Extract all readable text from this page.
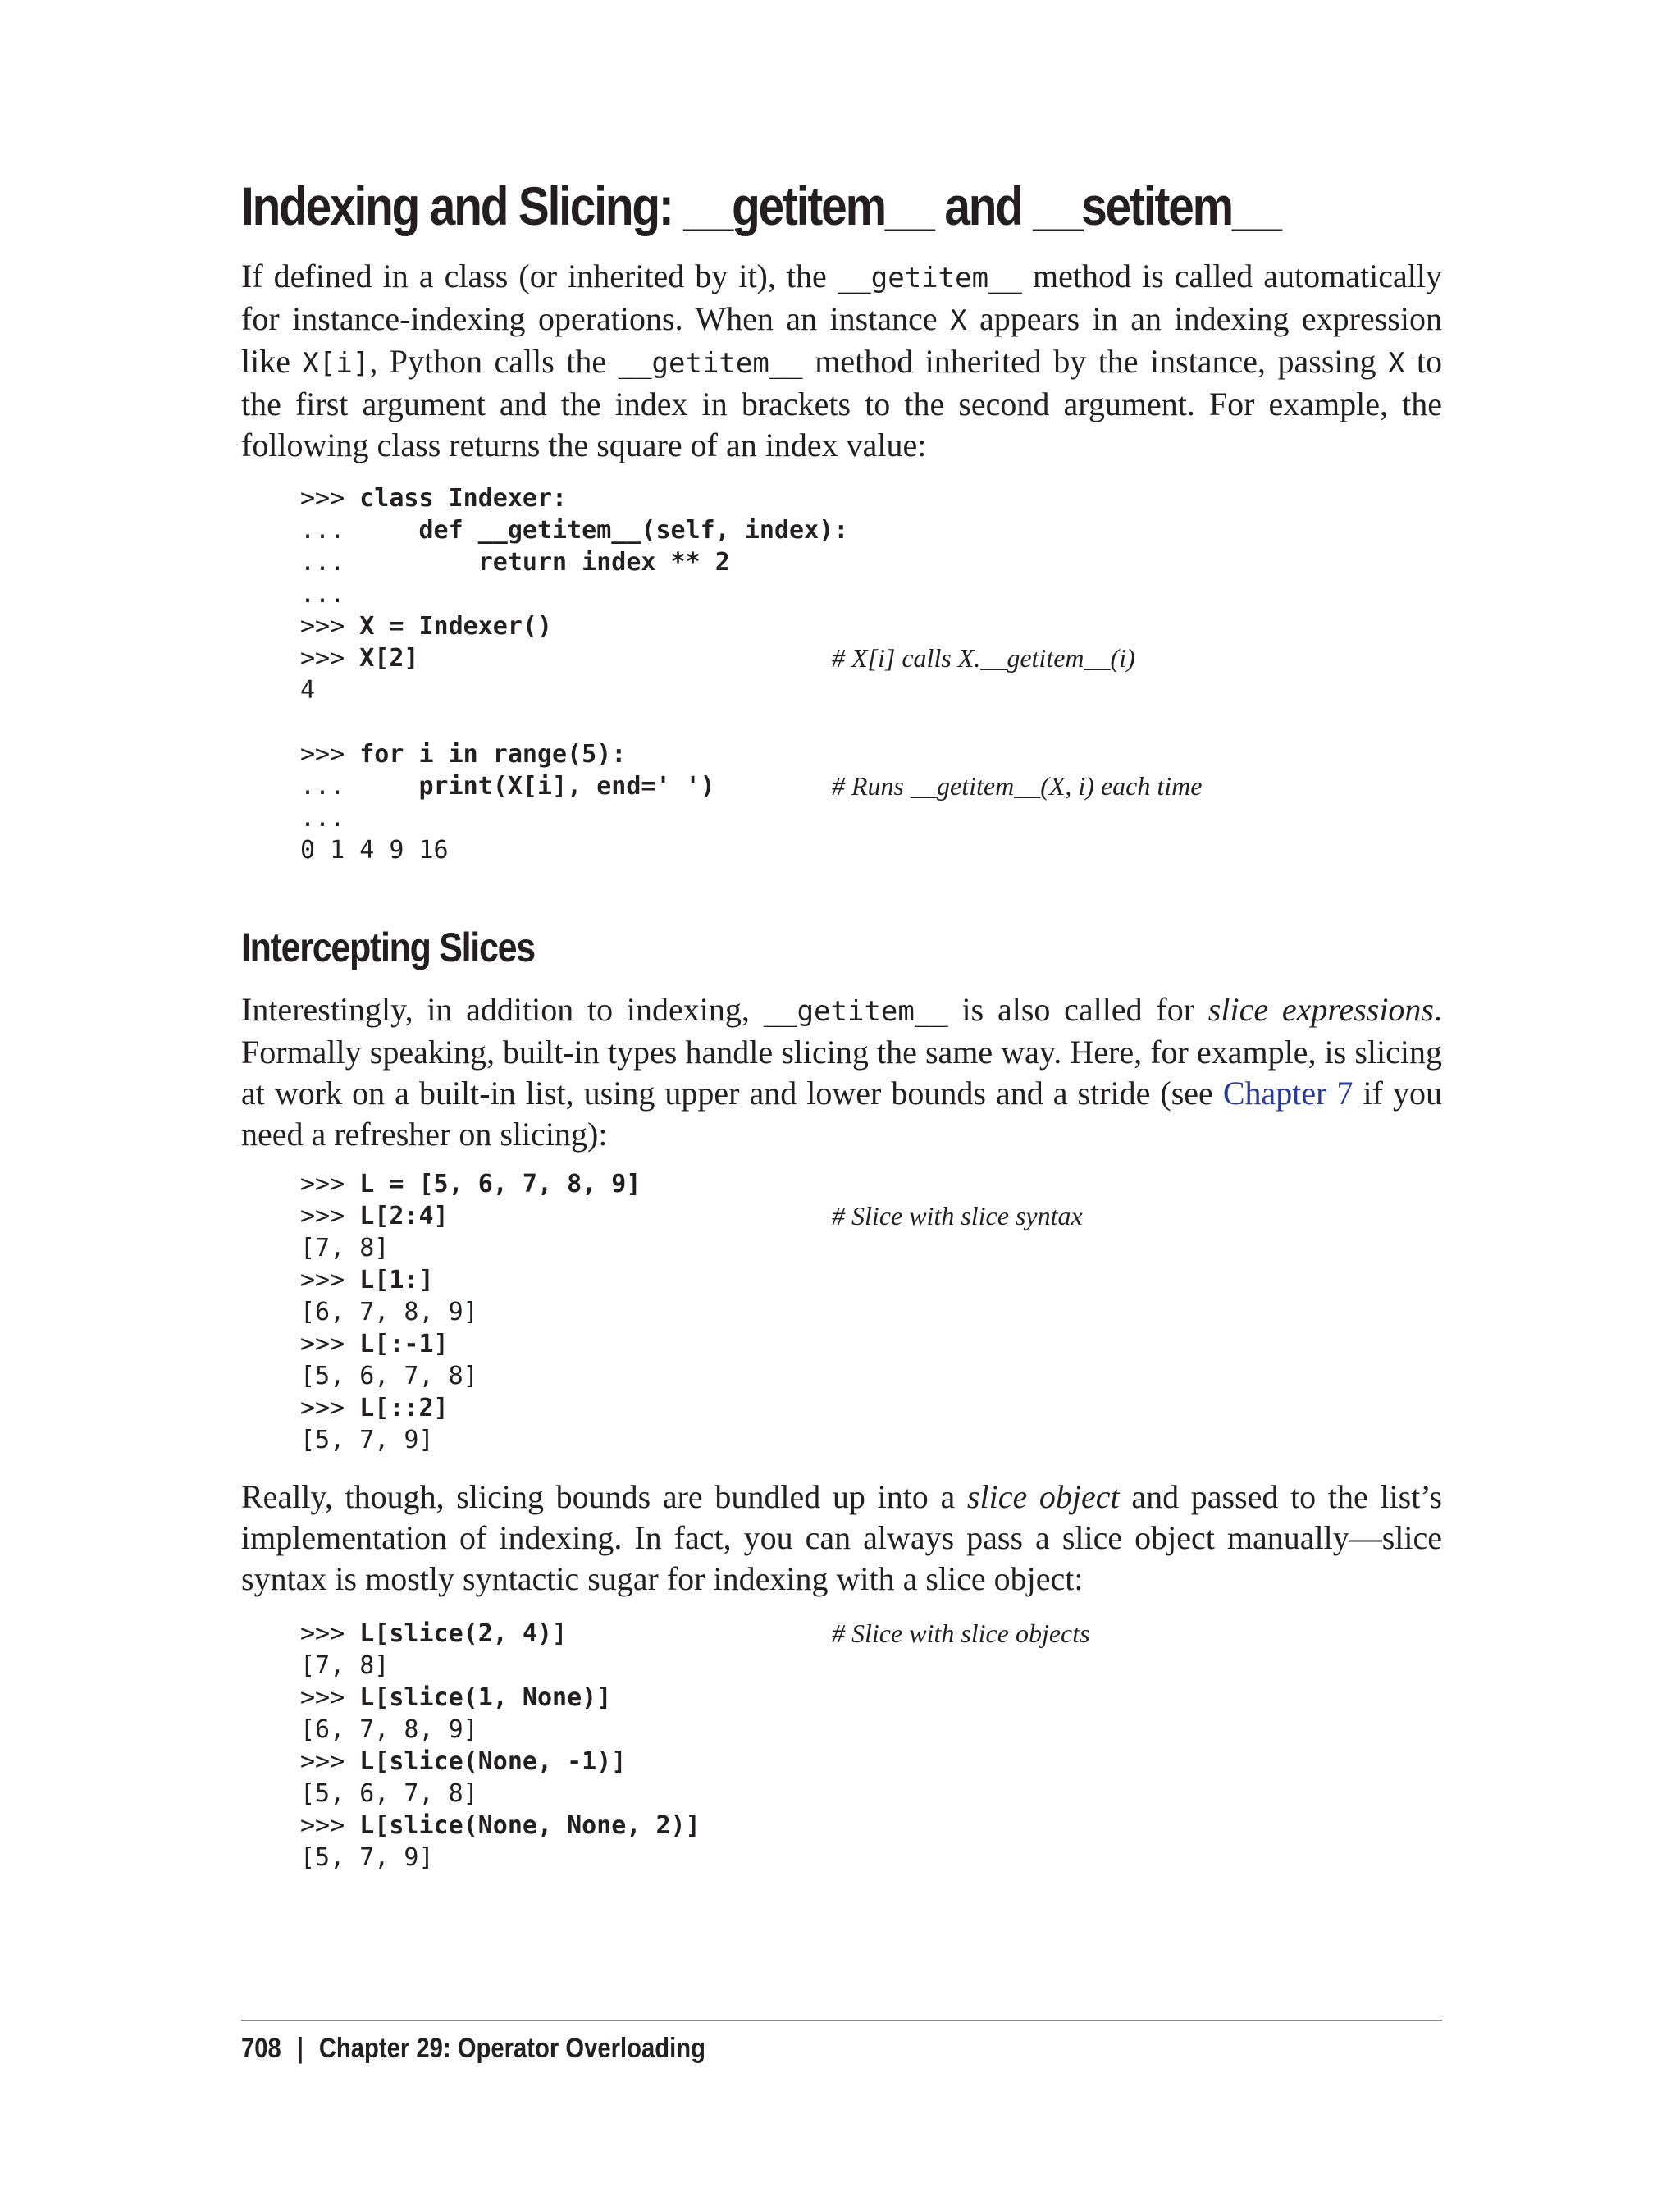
Indexing and Slicing: __getitem__ and __setitem__

If defined in a class (or inherited by it), the __getitem__ method is called automatically for instance-indexing operations. When an instance X appears in an indexing expression like X[i], Python calls the __getitem__ method inherited by the instance, passing X to the first argument and the index in brackets to the second argument. For example, the following class returns the square of an index value:

>>> class Indexer:
...     def __getitem__(self, index):
...         return index ** 2
...
>>> X = Indexer()
>>> X[2]	# X[i] calls X.__getitem__(i)
4
>>> for i in range(5):
...     print(X[i], end=' ')	# Runs __getitem__(X, i) each time
...
0 1 4 9 16
Intercepting Slices

Interestingly, in addition to indexing, __getitem__ is also called for slice expressions. Formally speaking, built-in types handle slicing the same way. Here, for example, is slicing at work on a built-in list, using upper and lower bounds and a stride (see Chapter 7 if you need a refresher on slicing):

>>> L = [5, 6, 7, 8, 9]
>>> L[2:4]	# Slice with slice syntax
[7, 8]
>>> L[1:]
[6, 7, 8, 9]
>>> L[:-1]
[5, 6, 7, 8]
>>> L[::2]
[5, 7, 9]

Really, though, slicing bounds are bundled up into a slice object and passed to the list’s implementation of indexing. In fact, you can always pass a slice object manually—slice syntax is mostly syntactic sugar for indexing with a slice object:

>>> L[slice(2, 4)]	# Slice with slice objects
[7, 8]
>>> L[slice(1, None)]
[6, 7, 8, 9]
>>> L[slice(None, -1)]
[5, 6, 7, 8]
>>> L[slice(None, None, 2)]
[5, 7, 9]
708 | Chapter 29: Operator Overloading
